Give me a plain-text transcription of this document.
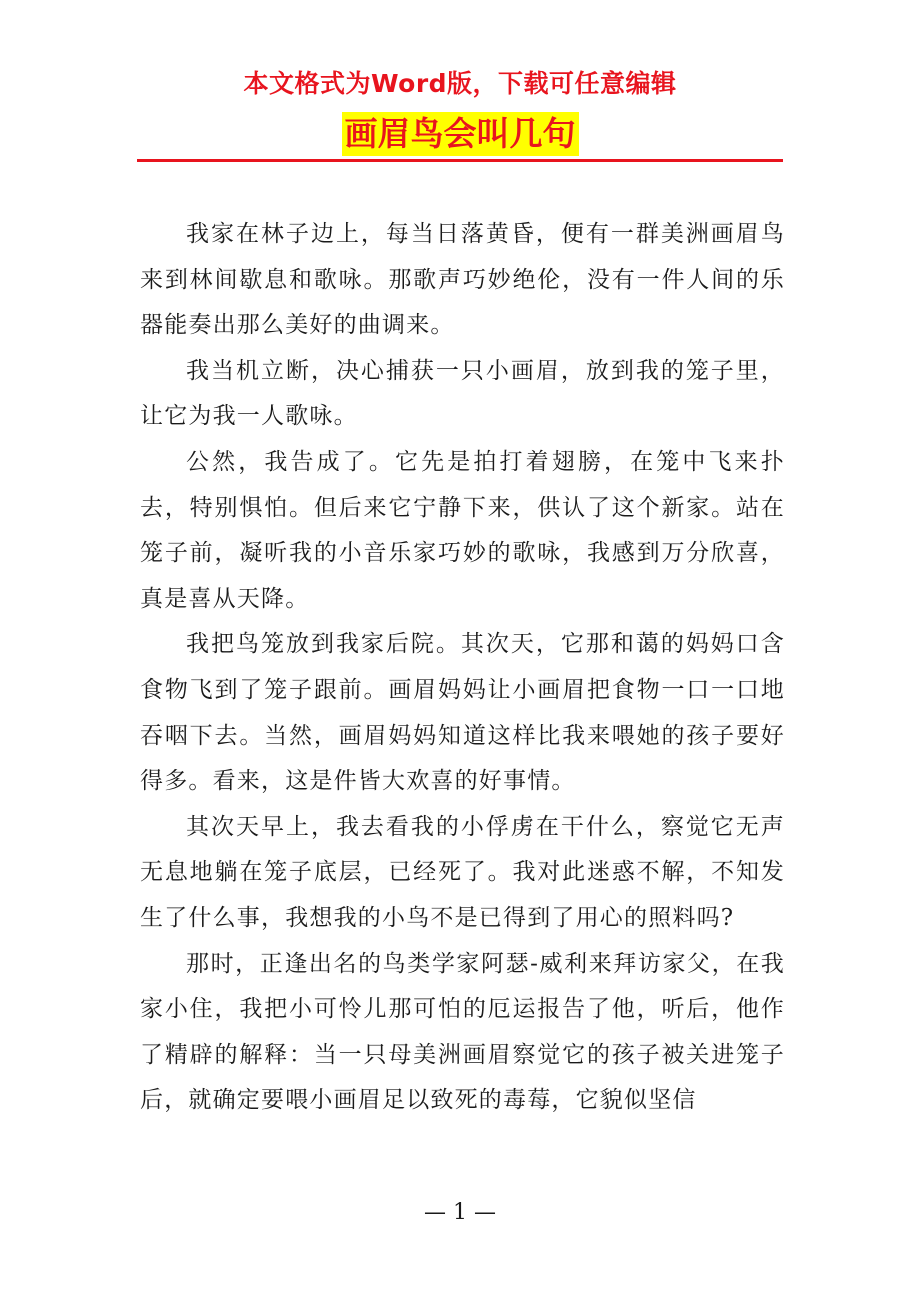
本文格式为Word版，下载可任意编辑
画眉鸟会叫几句

我家在林子边上，每当日落黄昏，便有一群美洲画眉鸟来到林间歇息和歌咏。那歌声巧妙绝伦，没有一件人间的乐器能奏出那么美好的曲调来。

我当机立断，决心捕获一只小画眉，放到我的笼子里，让它为我一人歌咏。

公然，我告成了。它先是拍打着翅膀，在笼中飞来扑去，特别惧怕。但后来它宁静下来，供认了这个新家。站在笼子前，凝听我的小音乐家巧妙的歌咏，我感到万分欣喜，真是喜从天降。

我把鸟笼放到我家后院。其次天，它那和蔼的妈妈口含食物飞到了笼子跟前。画眉妈妈让小画眉把食物一口一口地吞咽下去。当然，画眉妈妈知道这样比我来喂她的孩子要好得多。看来，这是件皆大欢喜的好事情。

其次天早上，我去看我的小俘虏在干什么，察觉它无声无息地躺在笼子底层，已经死了。我对此迷惑不解，不知发生了什么事，我想我的小鸟不是已得到了用心的照料吗?

那时，正逢出名的鸟类学家阿瑟-威利来拜访家父，在我家小住，我把小可怜儿那可怕的厄运报告了他，听后，他作了精辟的解释：当一只母美洲画眉察觉它的孩子被关进笼子后，就确定要喂小画眉足以致死的毒莓，它貌似坚信

— 1 —
